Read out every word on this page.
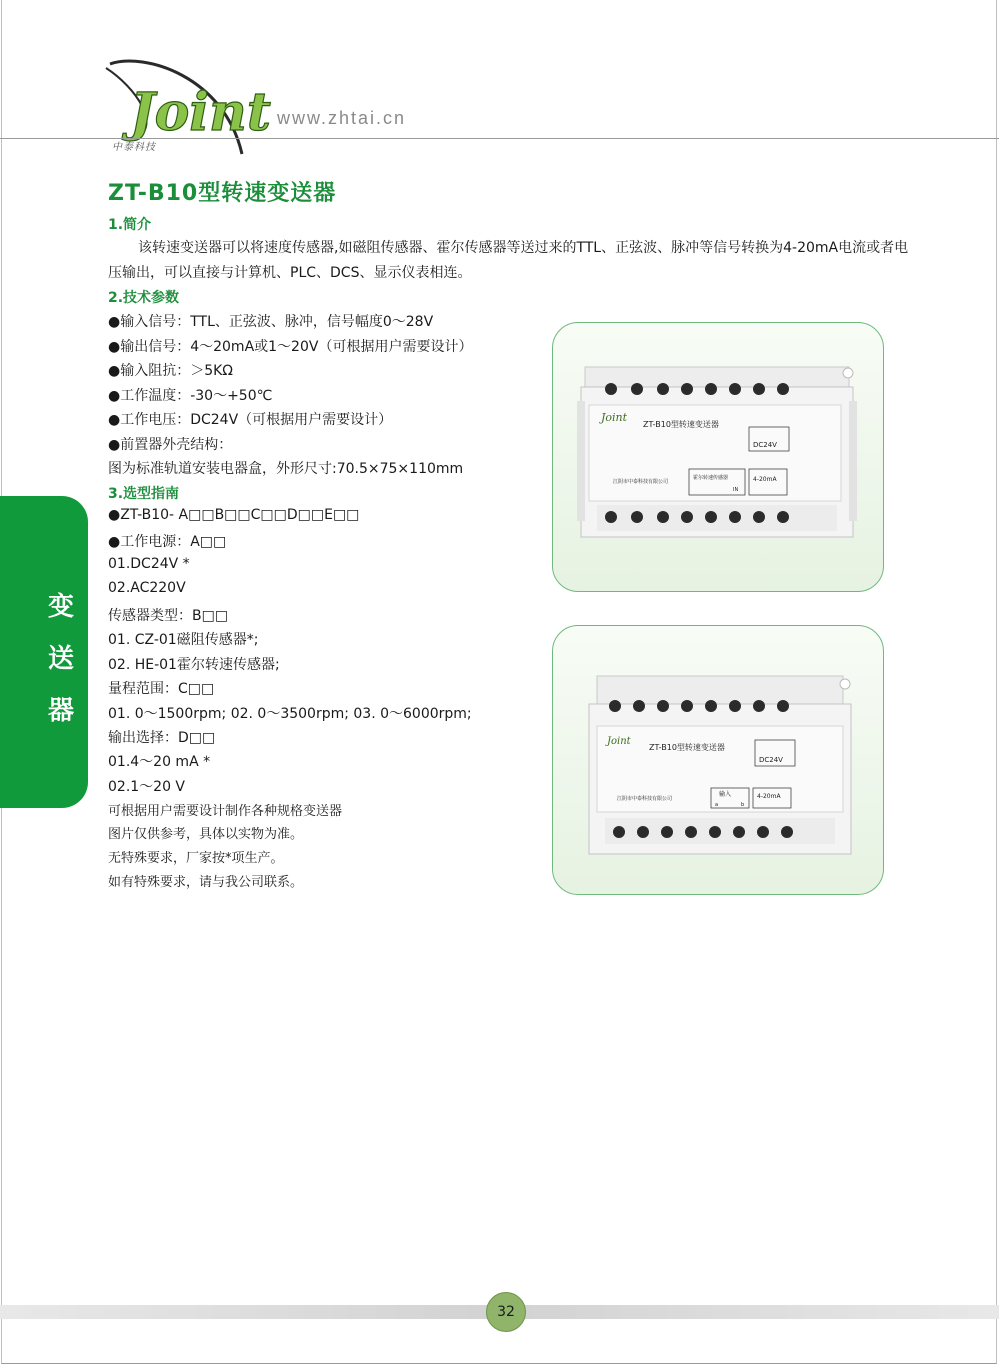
Joint
中泰科技
www.zhtai.cn
ZT-B10型转速变送器
1.简介
该转速变送器可以将速度传感器,如磁阻传感器、霍尔传感器等送过来的TTL、正弦波、脉冲等信号转换为4-20mA电流或者电压输出，可以直接与计算机、PLC、DCS、显示仪表相连。
2.技术参数
●输入信号：TTL、正弦波、脉冲，信号幅度0～28V
●输出信号：4～20mA或1～20V（可根据用户需要设计）
●输入阻抗：＞5KΩ
●工作温度：-30～+50℃
●工作电压：DC24V（可根据用户需要设计）
●前置器外壳结构：
图为标准轨道安装电器盒，外形尺寸:70.5×75×110mm
3.选型指南
●ZT-B10- A□□B□□C□□D□□E□□
●工作电源：A□□
01.DC24V *
02.AC220V
传感器类型：B□□
01. CZ-01磁阻传感器*;
02. HE-01霍尔转速传感器;
量程范围：C□□
01. 0～1500rpm; 02. 0～3500rpm; 03. 0～6000rpm;
输出选择：D□□
01.4～20 mA *
02.1～20 V
可根据用户需要设计制作各种规格变送器
图片仅供参考，具体以实物为准。
无特殊要求，厂家按*项生产。
如有特殊要求，请与我公司联系。
变
送
器
Joint
ZT-B10型转速变送器
DC24V
江阴市中泰科技有限公司
霍尔转速传感器
IN
4-20mA
Joint
ZT-B10型转速变送器
DC24V
江阴市中泰科技有限公司
输入
a	b
4-20mA
32
